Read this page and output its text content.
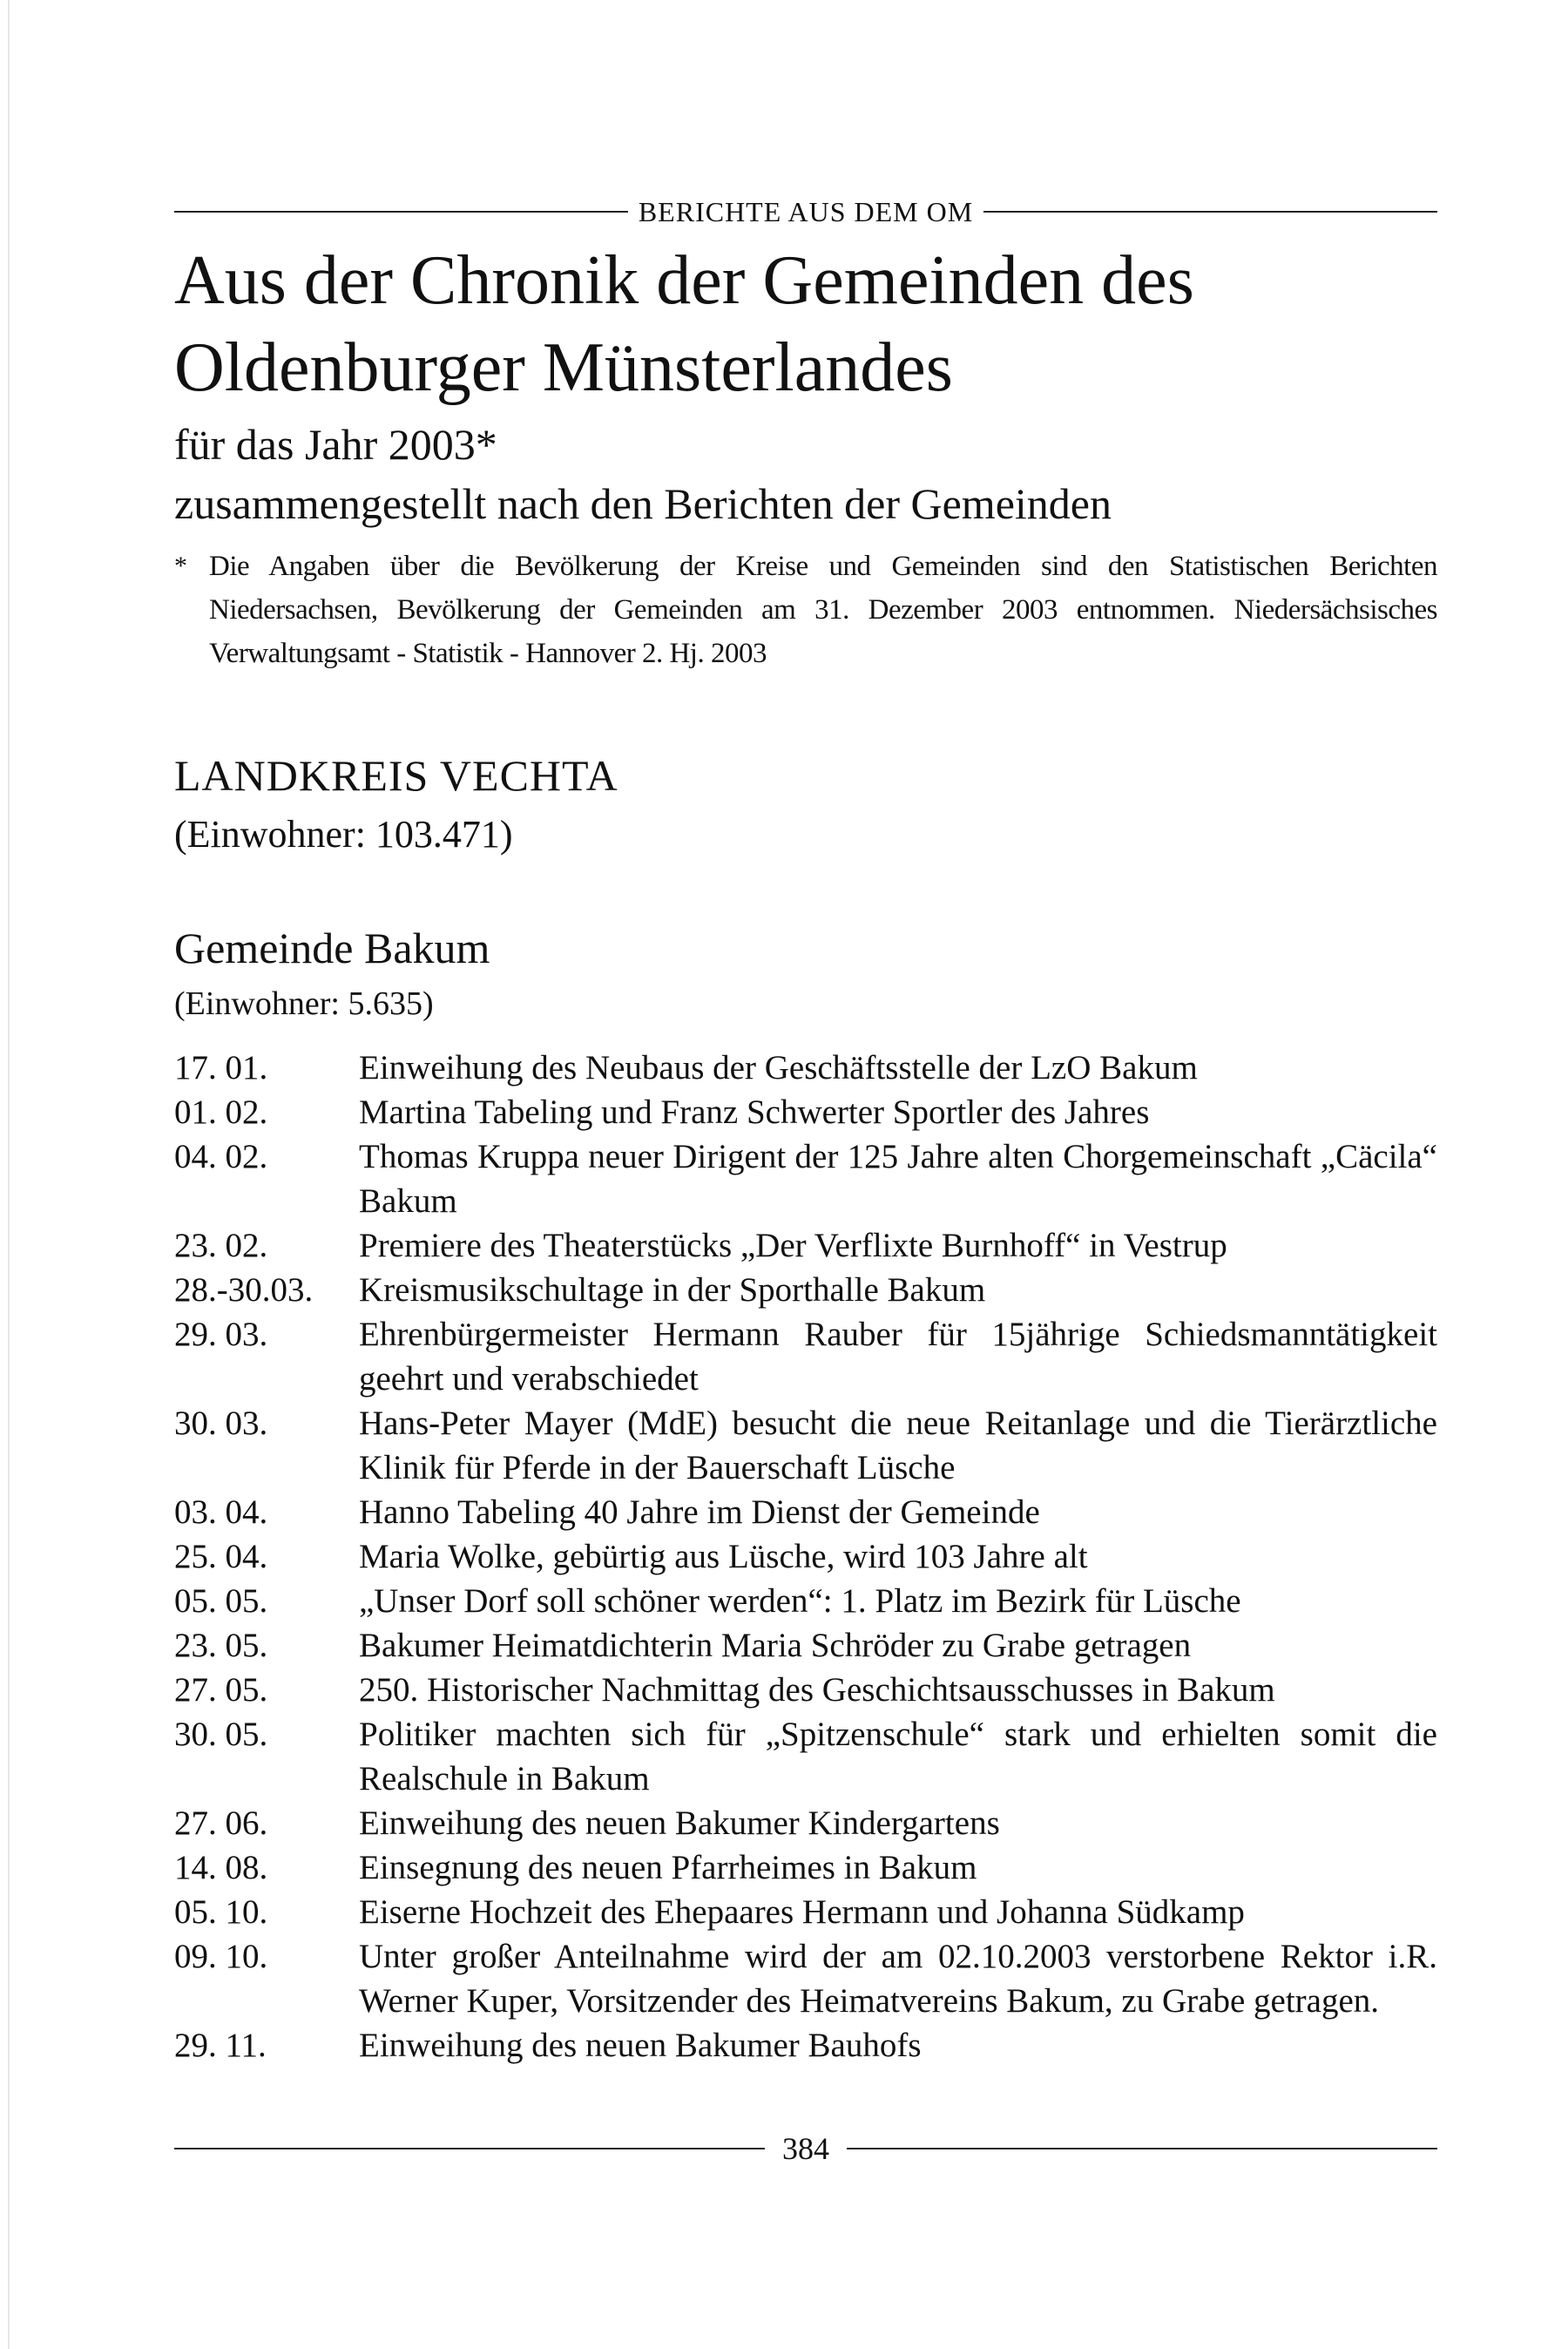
BERICHTE AUS DEM OM
Aus der Chronik der Gemeinden des Oldenburger Münsterlandes
für das Jahr 2003*
zusammengestellt nach den Berichten der Gemeinden
* Die Angaben über die Bevölkerung der Kreise und Gemeinden sind den Statistischen Berichten Niedersachsen, Bevölkerung der Gemeinden am 31. Dezember 2003 entnommen. Niedersächsisches Verwaltungsamt - Statistik - Hannover 2. Hj. 2003
LANDKREIS VECHTA
(Einwohner: 103.471)
Gemeinde Bakum
(Einwohner: 5.635)
17. 01.	Einweihung des Neubaus der Geschäftsstelle der LzO Bakum
01. 02.	Martina Tabeling und Franz Schwerter Sportler des Jahres
04. 02.	Thomas Kruppa neuer Dirigent der 125 Jahre alten Chorgemeinschaft „Cäcila“ Bakum
23. 02.	Premiere des Theaterstücks „Der Verflixte Burnhoff“ in Vestrup
28.-30.03.	Kreismusikschultage in der Sporthalle Bakum
29. 03.	Ehrenbürgermeister Hermann Rauber für 15jährige Schiedsmanntätigkeit geehrt und verabschiedet
30. 03.	Hans-Peter Mayer (MdE) besucht die neue Reitanlage und die Tierärztliche Klinik für Pferde in der Bauerschaft Lüsche
03. 04.	Hanno Tabeling 40 Jahre im Dienst der Gemeinde
25. 04.	Maria Wolke, gebürtig aus Lüsche, wird 103 Jahre alt
05. 05.	„Unser Dorf soll schöner werden“: 1. Platz im Bezirk für Lüsche
23. 05.	Bakumer Heimatdichterin Maria Schröder zu Grabe getragen
27. 05.	250. Historischer Nachmittag des Geschichtsausschusses in Bakum
30. 05.	Politiker machten sich für „Spitzenschule“ stark und erhielten somit die Realschule in Bakum
27. 06.	Einweihung des neuen Bakumer Kindergartens
14. 08.	Einsegnung des neuen Pfarrheimes in Bakum
05. 10.	Eiserne Hochzeit des Ehepaares Hermann und Johanna Südkamp
09. 10.	Unter großer Anteilnahme wird der am 02.10.2003 verstorbene Rektor i.R. Werner Kuper, Vorsitzender des Heimatvereins Bakum, zu Grabe getragen.
29. 11.	Einweihung des neuen Bakumer Bauhofs
384
